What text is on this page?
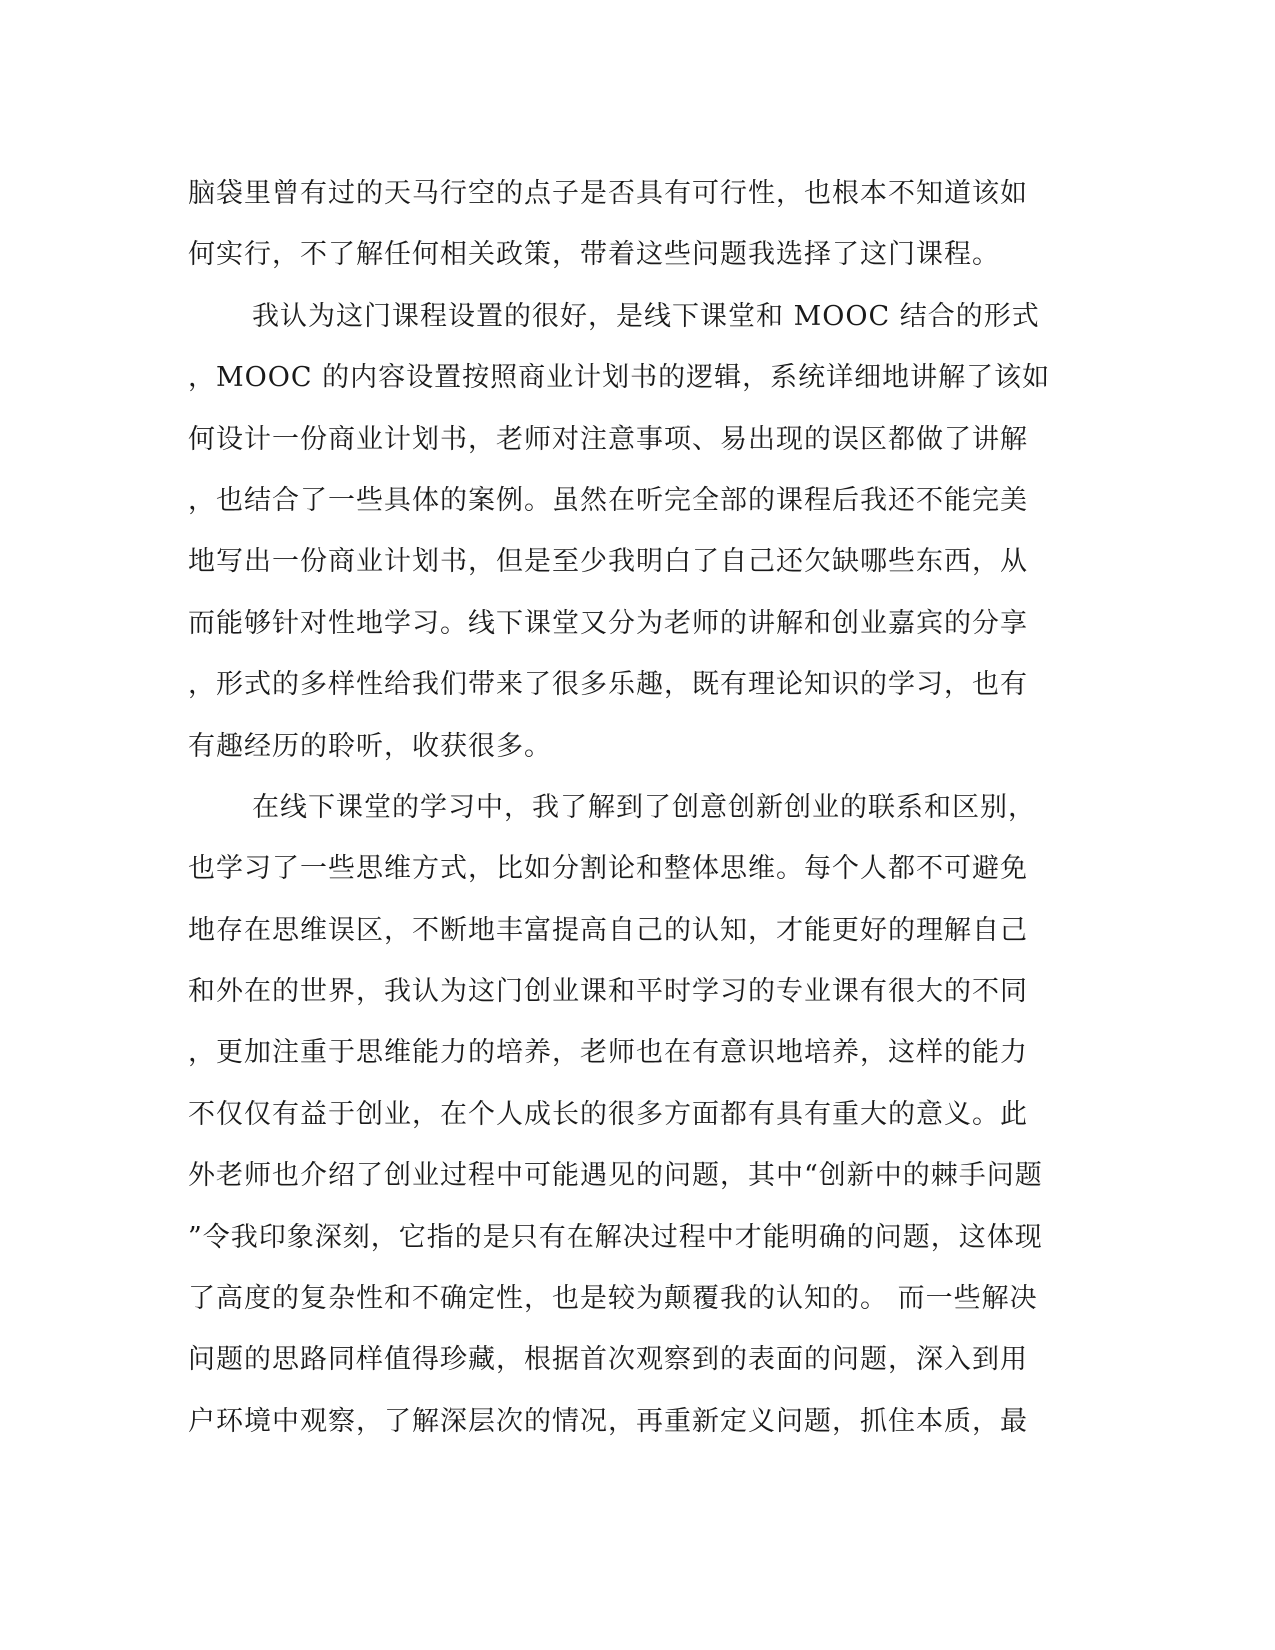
脑袋里曾有过的天马行空的点子是否具有可行性，也根本不知道该如
何实行，不了解任何相关政策，带着这些问题我选择了这门课程。
我认为这门课程设置的很好，是线下课堂和 MOOC 结合的形式
，MOOC 的内容设置按照商业计划书的逻辑，系统详细地讲解了该如
何设计一份商业计划书，老师对注意事项、易出现的误区都做了讲解
，也结合了一些具体的案例。虽然在听完全部的课程后我还不能完美
地写出一份商业计划书，但是至少我明白了自己还欠缺哪些东西，从
而能够针对性地学习。线下课堂又分为老师的讲解和创业嘉宾的分享
，形式的多样性给我们带来了很多乐趣，既有理论知识的学习，也有
有趣经历的聆听，收获很多。
在线下课堂的学习中，我了解到了创意创新创业的联系和区别，
也学习了一些思维方式，比如分割论和整体思维。每个人都不可避免
地存在思维误区，不断地丰富提高自己的认知，才能更好的理解自己
和外在的世界，我认为这门创业课和平时学习的专业课有很大的不同
，更加注重于思维能力的培养，老师也在有意识地培养，这样的能力
不仅仅有益于创业，在个人成长的很多方面都有具有重大的意义。此
外老师也介绍了创业过程中可能遇见的问题，其中“创新中的棘手问题
”令我印象深刻，它指的是只有在解决过程中才能明确的问题，这体现
了高度的复杂性和不确定性，也是较为颠覆我的认知的。 而一些解决
问题的思路同样值得珍藏，根据首次观察到的表面的问题，深入到用
户环境中观察，了解深层次的情况，再重新定义问题，抓住本质，最
